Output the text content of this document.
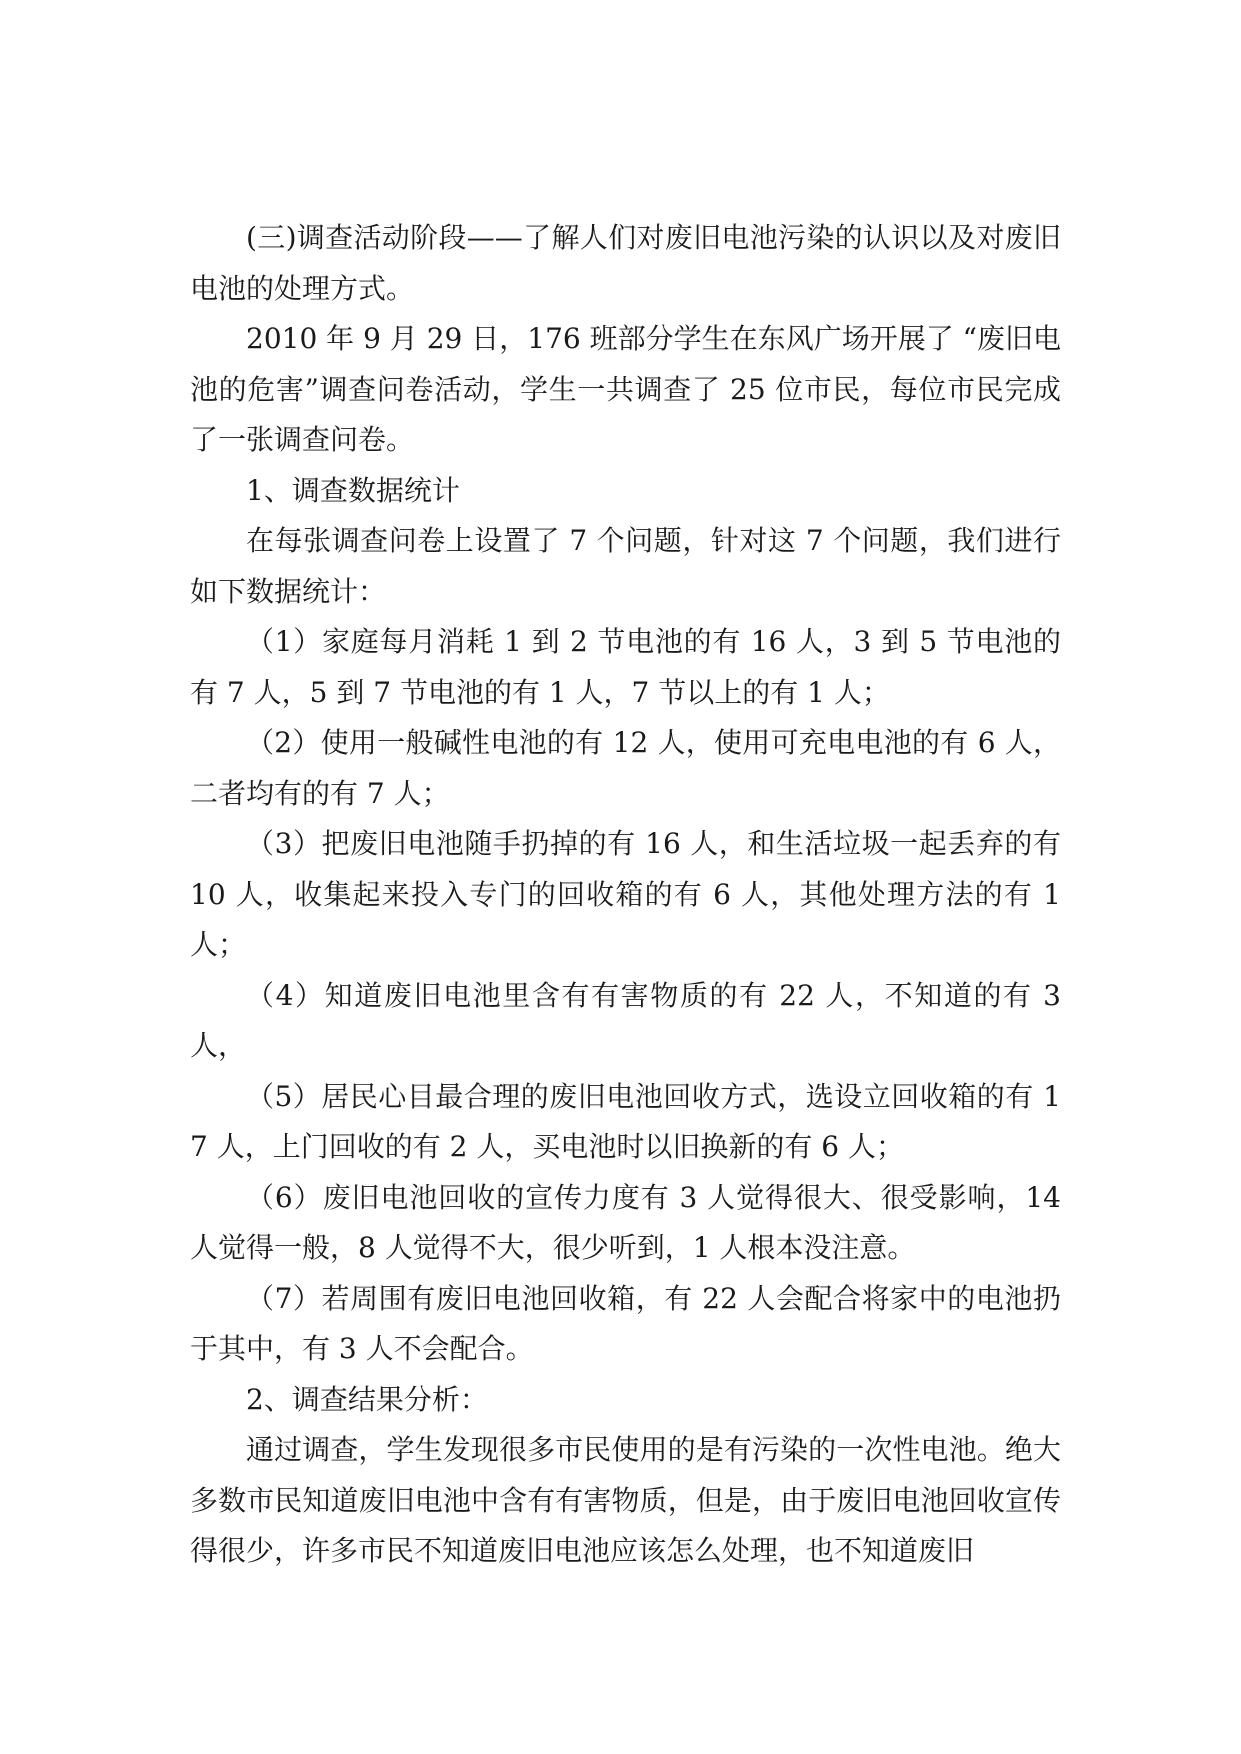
(三)调查活动阶段——了解人们对废旧电池污染的认识以及对废旧电池的处理方式。

2010 年 9 月 29 日，176 班部分学生在东风广场开展了 “废旧电池的危害”调查问卷活动，学生一共调查了 25 位市民，每位市民完成了一张调查问卷。

1、调查数据统计

在每张调查问卷上设置了 7 个问题，针对这 7 个问题，我们进行如下数据统计：

（1）家庭每月消耗 1 到 2 节电池的有 16 人，3 到 5 节电池的有 7 人，5 到 7 节电池的有 1 人，7 节以上的有 1 人；

（2）使用一般碱性电池的有 12 人，使用可充电电池的有 6 人，二者均有的有 7 人；

（3）把废旧电池随手扔掉的有 16 人，和生活垃圾一起丢弃的有 10 人，收集起来投入专门的回收箱的有 6 人，其他处理方法的有 1 人；

（4）知道废旧电池里含有有害物质的有 22 人，不知道的有 3 人，

（5）居民心目最合理的废旧电池回收方式，选设立回收箱的有 17 人，上门回收的有 2 人，买电池时以旧换新的有 6 人；

（6）废旧电池回收的宣传力度有 3 人觉得很大、很受影响，14 人觉得一般，8 人觉得不大，很少听到，1 人根本没注意。

（7）若周围有废旧电池回收箱，有 22 人会配合将家中的电池扔于其中，有 3 人不会配合。

2、调查结果分析：

通过调查，学生发现很多市民使用的是有污染的一次性电池。绝大多数市民知道废旧电池中含有有害物质，但是，由于废旧电池回收宣传得很少，许多市民不知道废旧电池应该怎么处理，也不知道废旧
